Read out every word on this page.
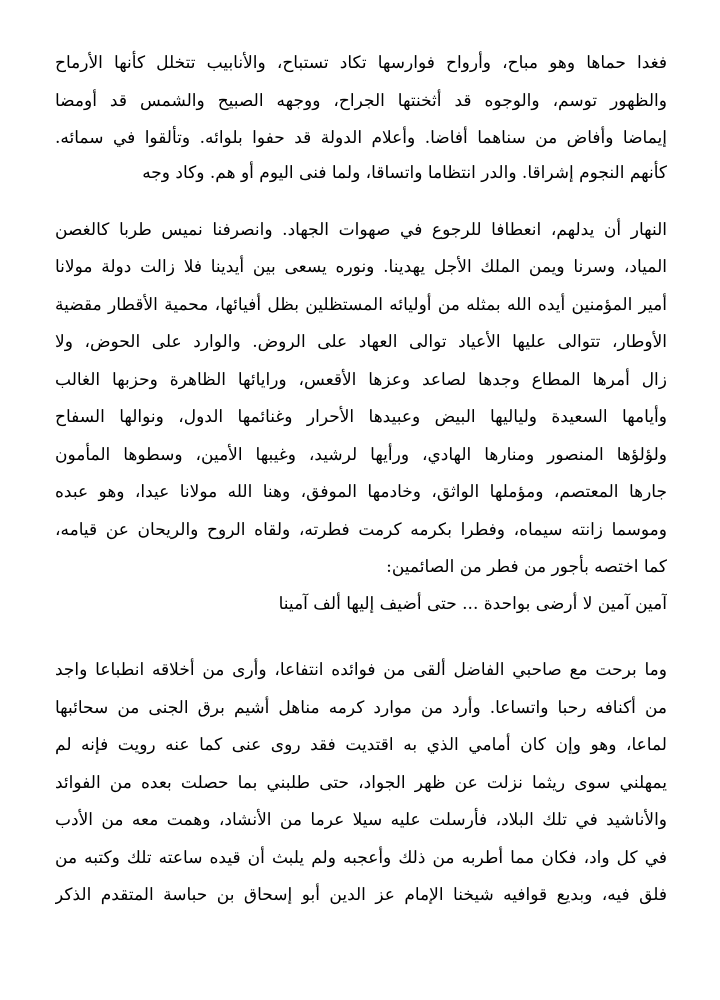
فغدا حماها وهو مباح، وأرواح فوارسها تكاد تستباح، والأنابيب تتخلل كأنها الأرماح
والظهور توسم، والوجوه قد أثخنتها الجراح، ووجهه الصبيح والشمس قد أومضا
إيماضا وأفاض من سناهما أفاضا. وأعلام الدولة قد حفوا بلوائه. وتألقوا في سمائه.
كأنهم النجوم إشراقا. والدر انتظاما واتساقا، ولما فنى اليوم أو هم. وكاد وجه
النهار أن يدلهم، انعطافا للرجوع في صهوات الجهاد. وانصرفنا نميس طربا كالغصن
المياد، وسرنا ويمن الملك الأجل يهدينا. ونوره يسعى بين أيدينا فلا زالت دولة مولانا
أمير المؤمنين أيده الله بمثله من أوليائه المستظلين بظل أفيائها، محمية الأقطار مقضية
الأوطار، تتوالى عليها الأعياد توالى العهاد على الروض. والوارد على الحوض، ولا
زال أمرها المطاع وجدها لصاعد وعزها الأقعس، ورايائها الظاهرة وحزبها الغالب
وأيامها السعيدة ولياليها البيض وعبيدها الأحرار وغنائمها الدول، ونوالها السفاح
ولؤلؤها المنصور ومنارها الهادي، ورأيها لرشيد، وغيبها الأمين، وسطوها المأمون
جارها المعتصم، ومؤملها الواثق، وخادمها الموفق، وهنا الله مولانا عيدا، وهو عبده
وموسما زانته سيماه، وفطرا بكرمه كرمت فطرته، ولقاه الروح والريحان عن قيامه،
كما اختصه بأجور من فطر من الصائمين:
آمين آمين لا أرضى بواحدة ... حتى أضيف إليها ألف آمينا
وما برحت مع صاحبي الفاضل ألقى من فوائده انتفاعا، وأرى من أخلاقه انطباعا واجد
من أكنافه رحبا واتساعا. وأرد من موارد كرمه مناهل أشيم برق الجنى من سحائبها
لماعا، وهو وإن كان أمامي الذي به اقتديت فقد روى عنى كما عنه رويت فإنه لم
يمهلني سوى ريثما نزلت عن ظهر الجواد، حتى طلبني بما حصلت بعده من الفوائد
والأناشيد في تلك البلاد، فأرسلت عليه سيلا عرما من الأنشاد، وهمت معه من الأدب
في كل واد، فكان مما أطربه من ذلك وأعجبه ولم يلبث أن قيده ساعته تلك وكتبه من
فلق فيه، وبديع قوافيه شيخنا الإمام عز الدين أبو إسحاق بن حباسة المتقدم الذكر
